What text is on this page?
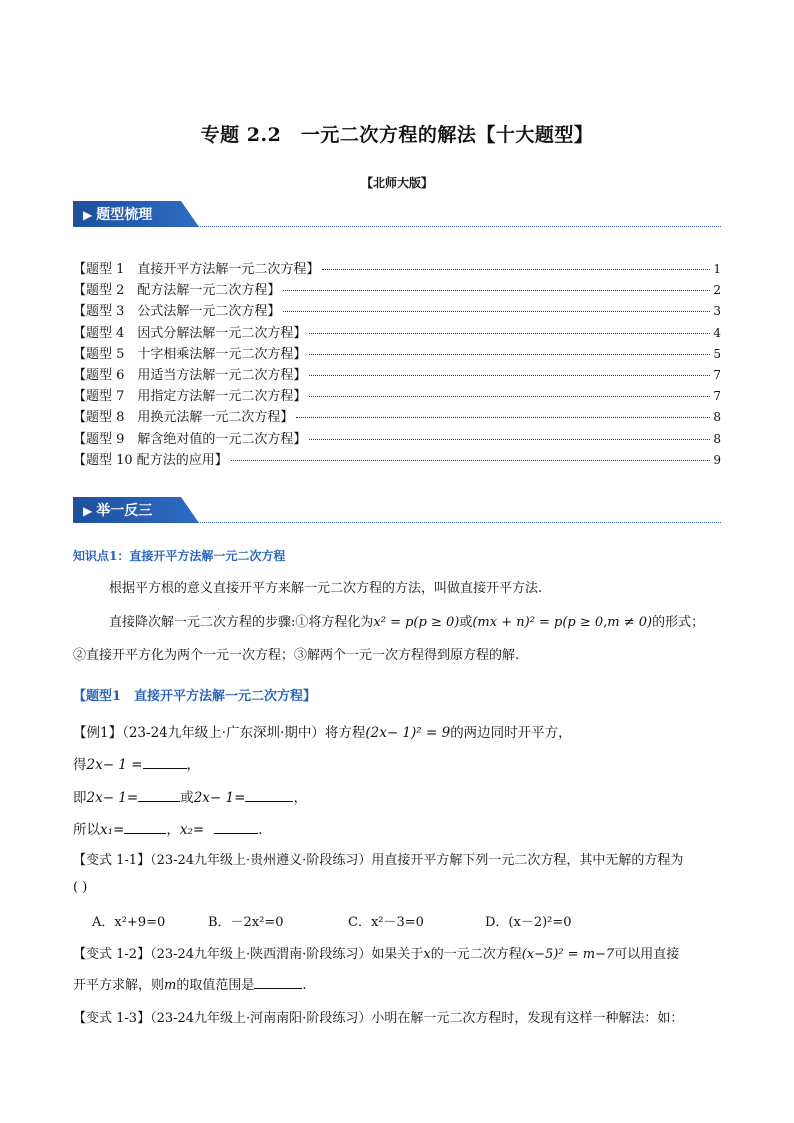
专题 2.2　一元二次方程的解法【十大题型】
【北师大版】
▶ 题型梳理
【题型 1　直接开平方法解一元二次方程】	1
【题型 2　配方法解一元二次方程】	2
【题型 3　公式法解一元二次方程】	3
【题型 4　因式分解法解一元二次方程】	4
【题型 5　十字相乘法解一元二次方程】	5
【题型 6　用适当方法解一元二次方程】	7
【题型 7　用指定方法解一元二次方程】	7
【题型 8　用换元法解一元二次方程】	8
【题型 9　解含绝对值的一元二次方程】	8
【题型 10 配方法的应用】	9
▶ 举一反三
知识点1：直接开平方法解一元二次方程
根据平方根的意义直接开平方来解一元二次方程的方法，叫做直接开平方法.
直接降次解一元二次方程的步骤:①将方程化为x² = p(p ≥ 0)或(mx + n)² = p(p ≥ 0,m ≠ 0)的形式；
②直接开平方化为两个一元一次方程；③解两个一元一次方程得到原方程的解.
【题型1　直接开平方法解一元二次方程】
【例1】（23-24九年级上·广东深圳·期中）将方程(2x− 1)² = 9的两边同时开平方，
得2x− 1 =	，
即2x− 1=	或2x− 1=	，
所以x₁=	，x₂=	.
【变式 1-1】（23-24九年级上·贵州遵义·阶段练习）用直接开平方解下列一元二次方程，其中无解的方程为
( )
A．x²+9=0	B．－2x²=0	C．x²－3=0	D．(x－2)²=0
【变式 1-2】（23-24九年级上·陕西渭南·阶段练习）如果关于x的一元二次方程(x−5)² = m−7可以用直接
开平方求解，则m的取值范围是	.
【变式 1-3】（23-24九年级上·河南南阳·阶段练习）小明在解一元二次方程时，发现有这样一种解法：如：
